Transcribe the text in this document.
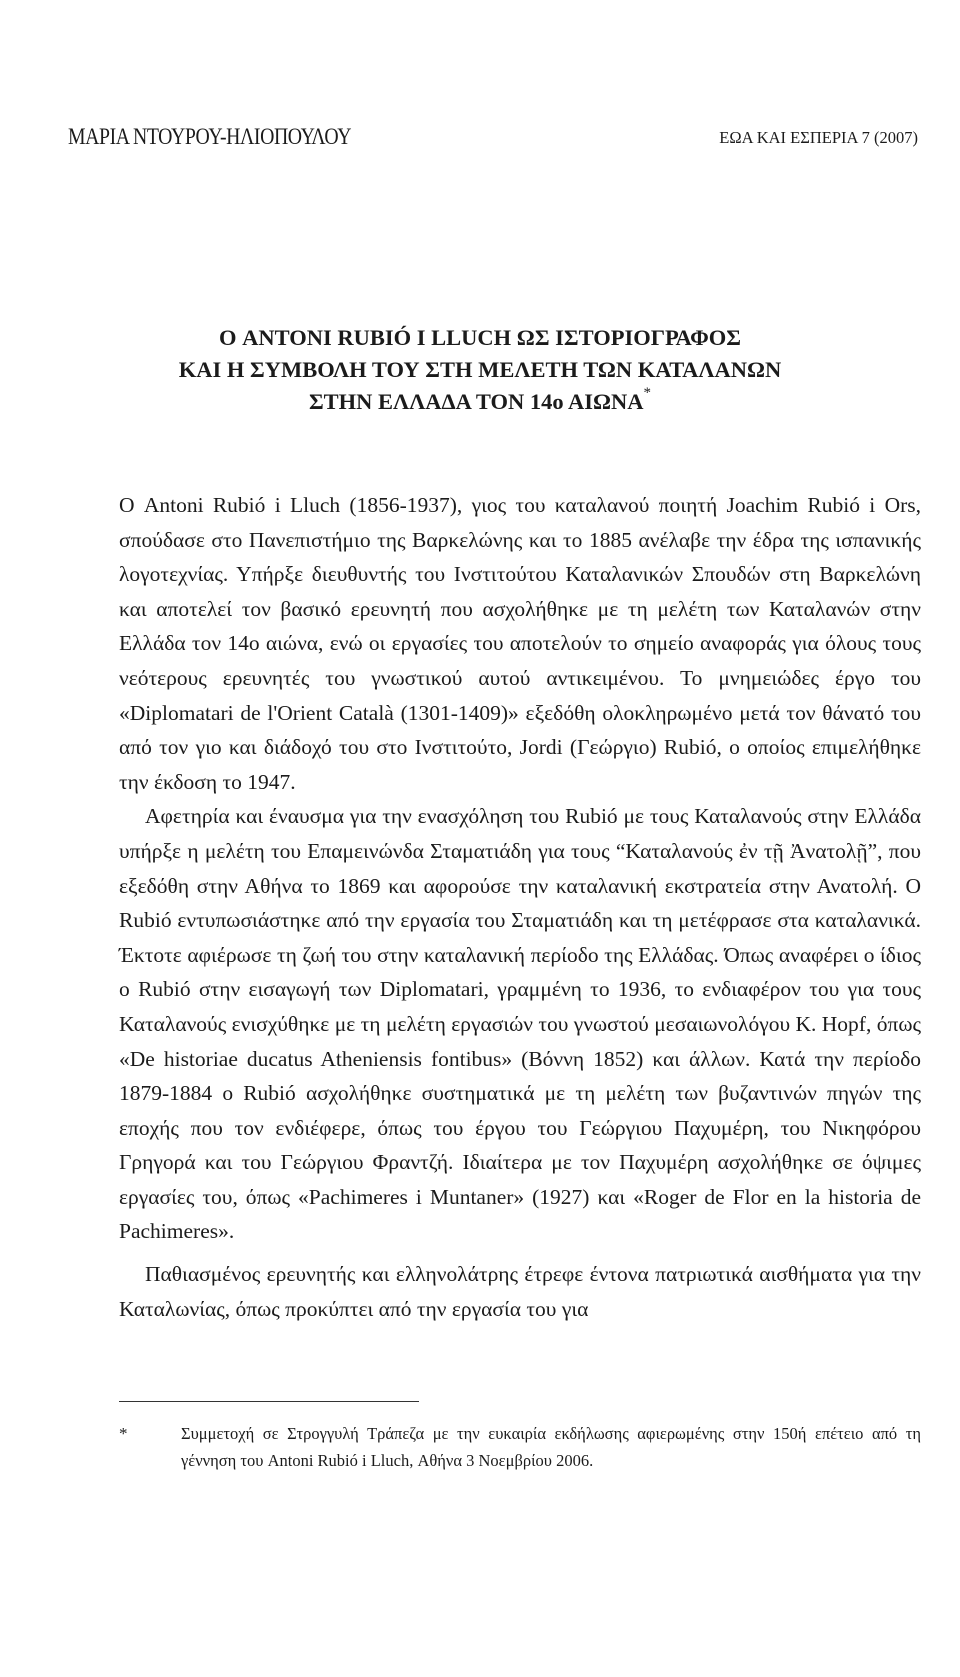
ΜΑΡΙΑ ΝΤΟΥΡΟΥ-ΗΛΙΟΠΟΥΛΟΥ	ΕΩΑ ΚΑΙ ΕΣΠΕΡΙΑ 7 (2007)
Ο ANTONI RUBIÓ I LLUCH ΩΣ ΙΣΤΟΡΙΟΓΡΑΦΟΣ
ΚΑΙ Η ΣΥΜΒΟΛΗ ΤΟΥ ΣΤΗ ΜΕΛΕΤΗ ΤΩΝ ΚΑΤΑΛΑΝΩΝ
ΣΤΗΝ ΕΛΛΑΔΑ ΤΟΝ 14ο ΑΙΩΝΑ*

Ο Antoni Rubió i Lluch (1856-1937), γιος του καταλανού ποιητή Joachim Rubió i Ors, σπούδασε στο Πανεπιστήμιο της Βαρκελώνης και το 1885 ανέλαβε την έδρα της ισπανικής λογοτεχνίας. Υπήρξε διευθυντής του Ινστιτούτου Καταλανικών Σπουδών στη Βαρκελώνη και αποτελεί τον βασικό ερευνητή που ασχολήθηκε με τη μελέτη των Καταλανών στην Ελλάδα τον 14ο αιώνα, ενώ οι εργασίες του αποτελούν το σημείο αναφοράς για όλους τους νεότερους ερευνητές του γνωστικού αυτού αντικειμένου. Το μνημειώδες έργο του «Diplomatari de l'Orient Català (1301-1409)» εξεδόθη ολοκληρωμένο μετά τον θάνατό του από τον γιο και διάδοχό του στο Ινστιτούτο, Jordi (Γεώργιο) Rubió, ο οποίος επιμελήθηκε την έκδοση το 1947.

Αφετηρία και έναυσμα για την ενασχόληση του Rubió με τους Καταλανούς στην Ελλάδα υπήρξε η μελέτη του Επαμεινώνδα Σταματιάδη για τους “Καταλανούς ἐν τῇ Ἀνατολῇ”, που εξεδόθη στην Αθήνα το 1869 και αφορούσε την καταλανική εκστρατεία στην Ανατολή. Ο Rubió εντυπωσιάστηκε από την εργασία του Σταματιάδη και τη μετέφρασε στα καταλανικά. Έκτοτε αφιέρωσε τη ζωή του στην καταλανική περίοδο της Ελλάδας. Όπως αναφέρει ο ίδιος ο Rubió στην εισαγωγή των Diplomatari, γραμμένη το 1936, το ενδιαφέρον του για τους Καταλανούς ενισχύθηκε με τη μελέτη εργασιών του γνωστού μεσαιωνολόγου K. Hopf, όπως «De historiae ducatus Atheniensis fontibus» (Βόννη 1852) και άλλων. Κατά την περίοδο 1879-1884 ο Rubió ασχολήθηκε συστηματικά με τη μελέτη των βυζαντινών πηγών της εποχής που τον ενδιέφερε, όπως του έργου του Γεώργιου Παχυμέρη, του Νικηφόρου Γρηγορά και του Γεώργιου Φραντζή. Ιδιαίτερα με τον Παχυμέρη ασχολήθηκε σε όψιμες εργασίες του, όπως «Pachimeres i Muntaner» (1927) και «Roger de Flor en la historia de Pachimeres».

Παθιασμένος ερευνητής και ελληνολάτρης έτρεφε έντονα πατριωτικά αισθήματα για την Καταλωνίας, όπως προκύπτει από την εργασία του για

*	Συμμετοχή σε Στρογγυλή Τράπεζα με την ευκαιρία εκδήλωσης αφιερωμένης στην 150ή επέτειο από τη γέννηση του Antoni Rubió i Lluch, Αθήνα 3 Νοεμβρίου 2006.
